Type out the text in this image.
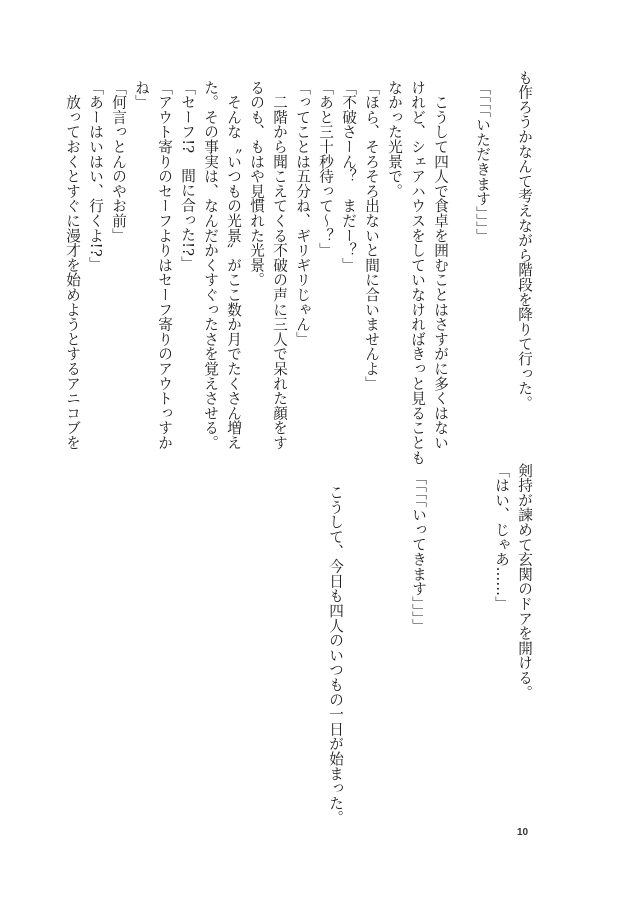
も作ろうかなんて考えながら階段を降りて行った。
「「「「いただきます」」」」
　こうして四人で食卓を囲むことはさすがに多くはない
けれど、シェアハウスをしていなければきっと見ることも
なかった光景で。
「ほら、そろそろ出ないと間に合いませんよ」
「不破さーん？　まだー？」
「あと三十秒待って〜？」
「ってことは五分ね、ギリギリじゃん」
　二階から聞こえてくる不破の声に三人で呆れた顔をす
るのも、もはや見慣れた光景。
　そんな〝いつもの光景〟がここ数か月でたくさん増え
た。その事実は、なんだかくすぐったさを覚えさせる。
「セーフ!?　間に合った!?」
「アウト寄りのセーフよりはセーフ寄りのアウトっすか
ね」
「何言っとんのやお前」
「あーはいはい、行くよ!?」
　放っておくとすぐに漫才を始めようとするアニコブを
剣持が諫めて玄関のドアを開ける。
「はい、じゃあ……」
「「「「いってきます」」」」
　こうして、今日も四人のいつもの一日が始まった。
10
